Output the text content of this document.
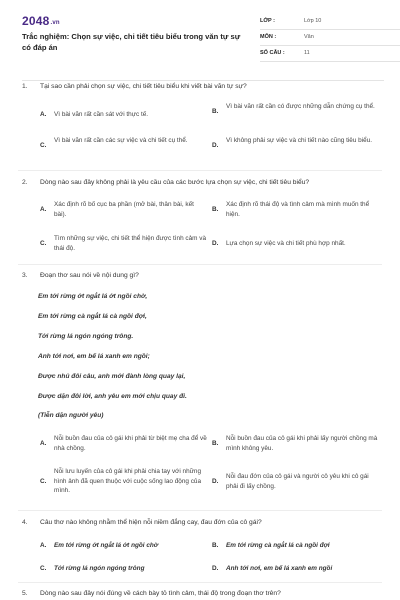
2048.vn
Trắc nghiệm: Chọn sự việc, chi tiết tiêu biểu trong văn tự sự có đáp án
LỚP :	Lớp 10
MÔN :	Văn
SỐ CÂU :	11
1. Tại sao cần phải chọn sự việc, chi tiết tiêu biểu khi viết bài văn tự sự?
A. Vì bài văn rất cần sát với thực tế.	B.
Vì bài văn rất cần có được những dẫn chứng cụ thể.
C.
Vì bài văn rất cần các sự việc và chi tiết cụ thể.
D.
Vì không phải sự việc và chi tiết nào cũng tiêu biểu.
2. Dòng nào sau đây không phải là yêu cầu của các bước lựa chọn sự việc, chi tiết tiêu biểu?
A.
Xác định rõ bố cục ba phần (mở bài, thân bài, kết bài).
B.
Xác định rõ thái độ và tình cảm mà mình muốn thể hiện.
C.
Tìm những sự việc, chi tiết thể hiện được tình cảm và thái độ.
D. Lựa chọn sự việc và chi tiết phù hợp nhất.
3. Đoạn thơ sau nói về nội dung gì?
Em tới rừng ớt ngắt lá ớt ngồi chờ,
Em tới rừng cà ngắt lá cà ngồi đợi,
Tới rừng lá ngón ngóng trông.
Anh tới nơi, em bế lá xanh em ngồi;
Được nhủ đôi câu, anh mới đành lòng quay lại,
Được dặn đôi lời, anh yêu em mới chịu quay đi.
(Tiễn dặn người yêu)
A.
Nỗi buồn đau của cô gái khi phải từ biệt mẹ cha để về nhà chồng.
B.
Nỗi buồn đau của cô gái khi phải lấy người chồng mà mình không yêu.
C.
Nỗi lưu luyến của cô gái khi phải chia tay với những hình ảnh đã quen thuộc với cuộc sống lao động của mình.
D.
Nỗi đau đớn của cô gái và người cô yêu khi cô gái phải đi lấy chồng.
4. Câu thơ nào không nhằm thể hiện nỗi niềm đắng cay, đau đớn của cô gái?
A. Em tới rừng ớt ngắt lá ớt ngồi chờ	B. Em tới rừng cà ngắt lá cà ngồi đợi
C. Tới rừng lá ngón ngóng trông	D. Anh tới nơi, em bế lá xanh em ngồi
5. Dòng nào sau đây nói đúng về cách bày tỏ tình cảm, thái độ trong đoạn thơ trên?
